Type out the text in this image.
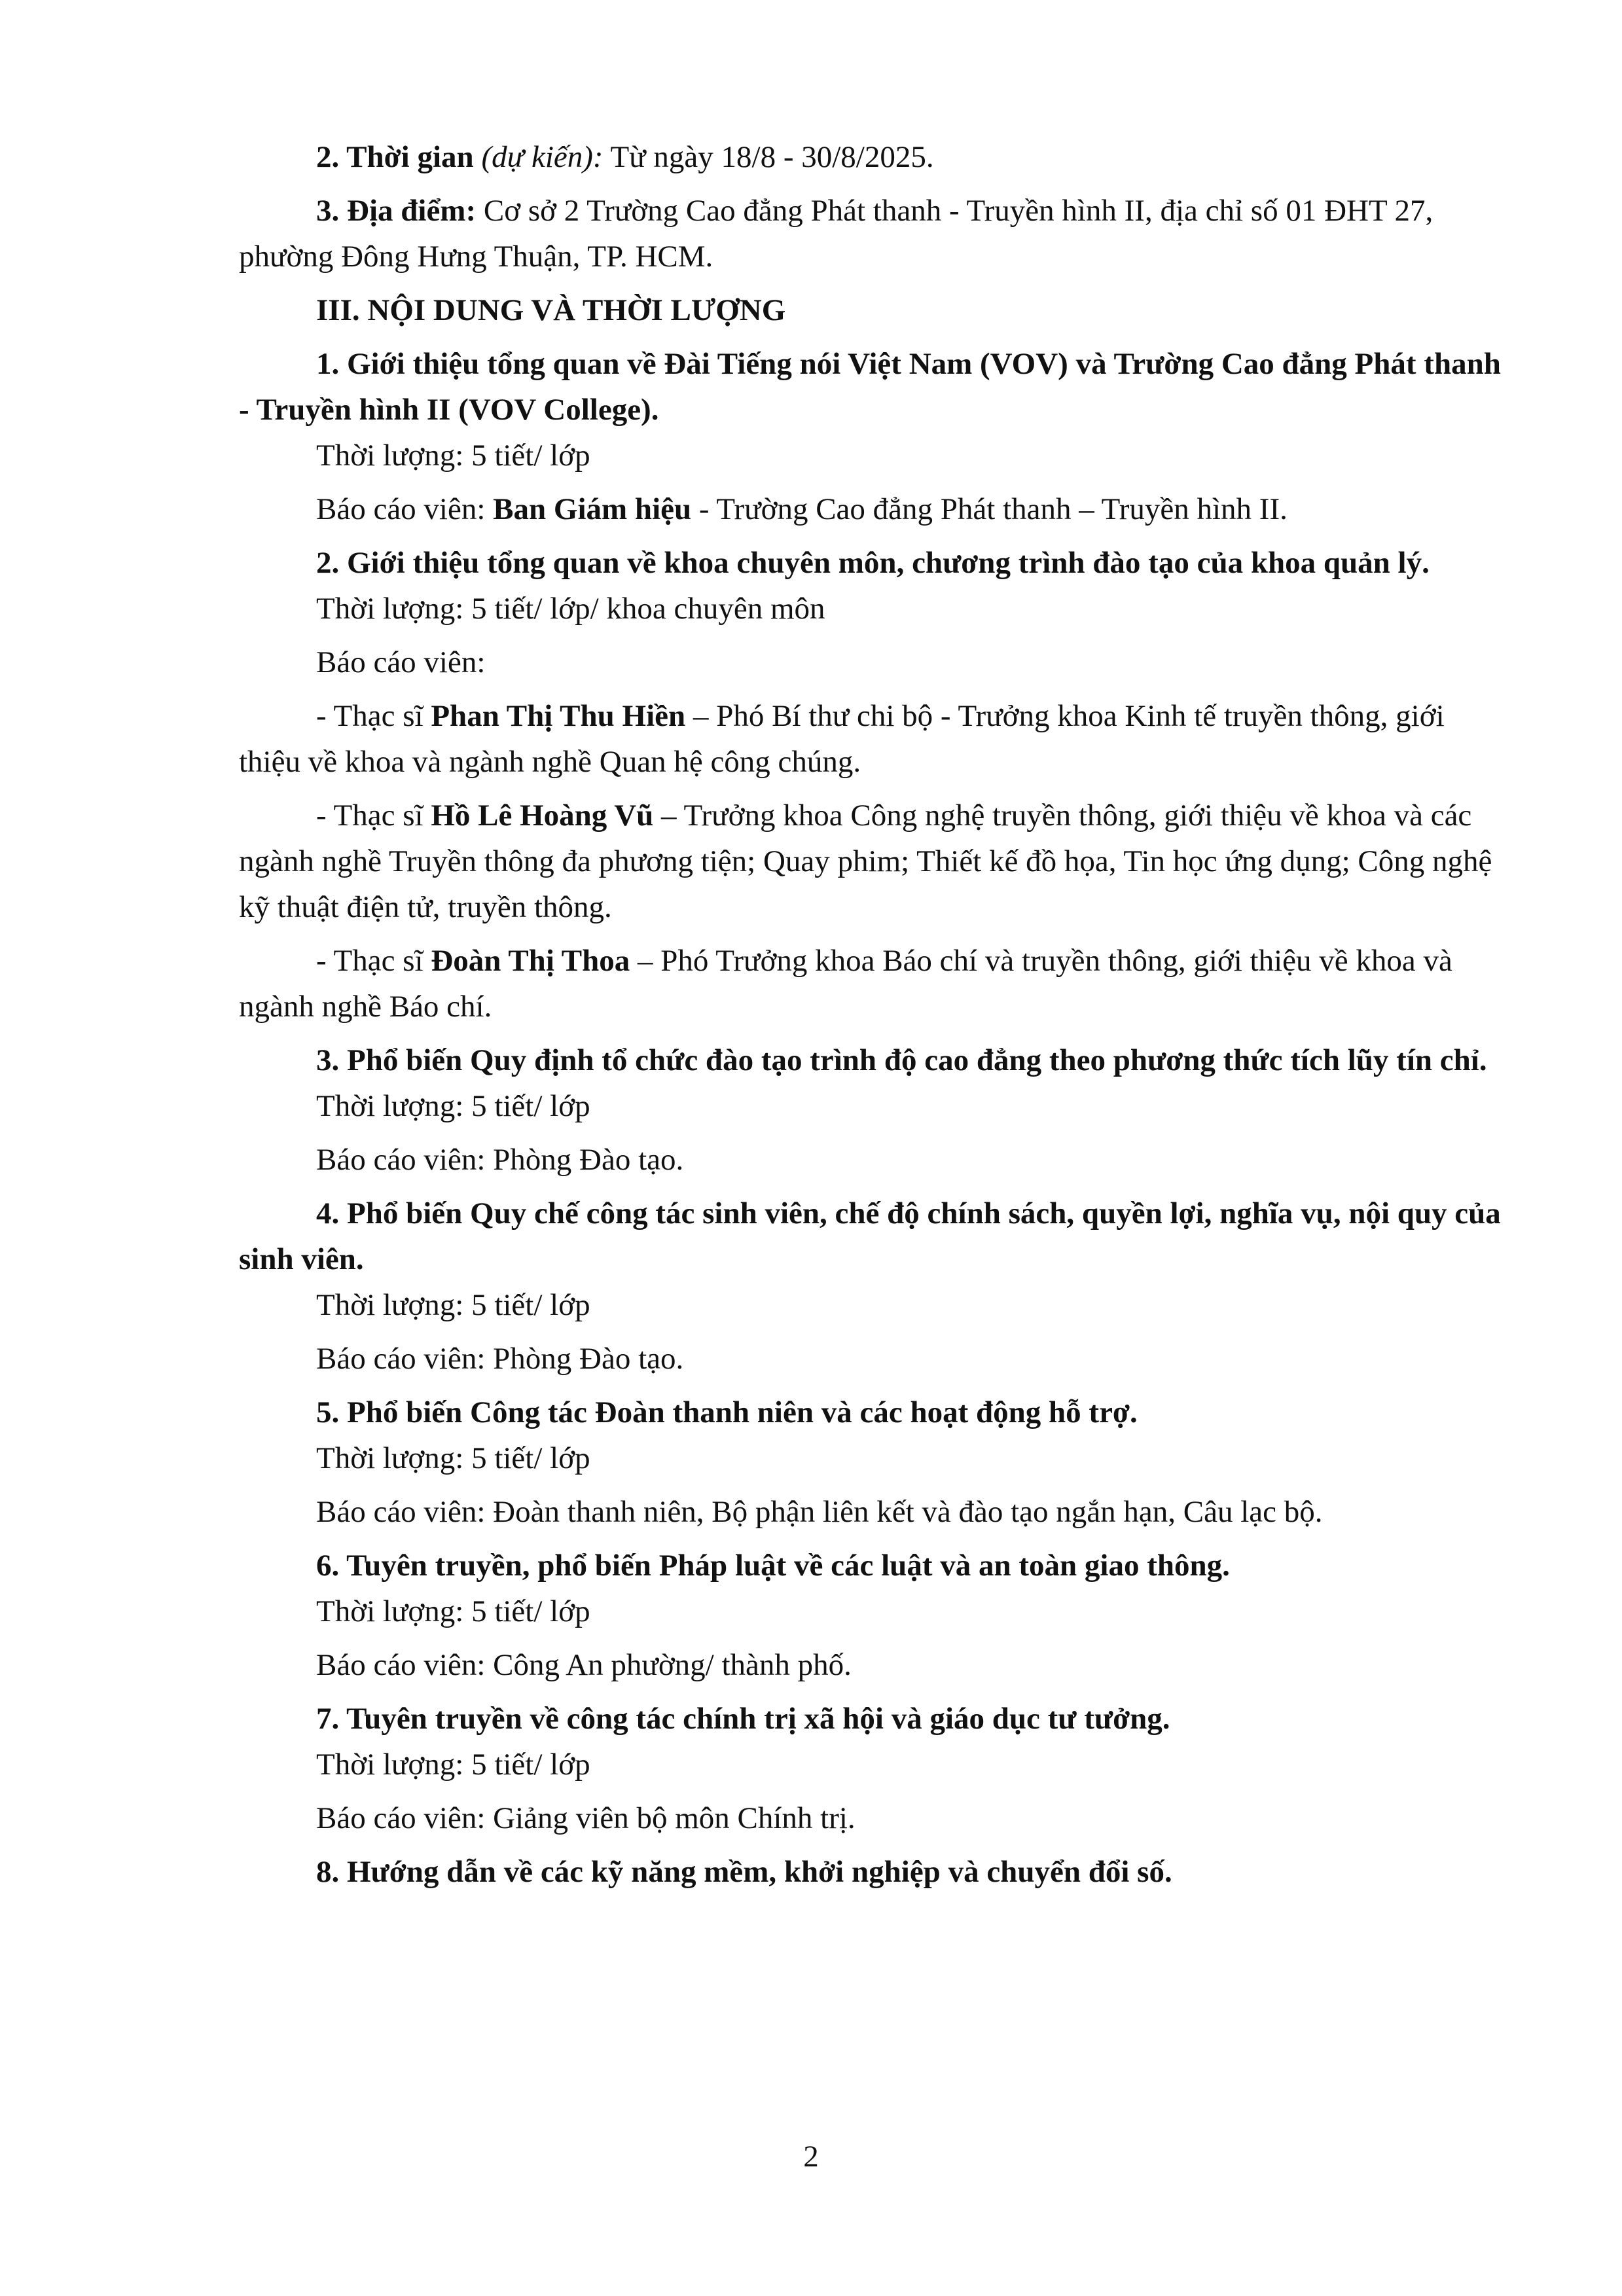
2. Thời gian (dự kiến): Từ ngày 18/8 - 30/8/2025.

3. Địa điểm: Cơ sở 2 Trường Cao đẳng Phát thanh - Truyền hình II, địa chỉ số 01 ĐHT 27, phường Đông Hưng Thuận, TP. HCM.

III. NỘI DUNG VÀ THỜI LƯỢNG

1. Giới thiệu tổng quan về Đài Tiếng nói Việt Nam (VOV) và Trường Cao đẳng Phát thanh - Truyền hình II (VOV College).

Thời lượng: 5 tiết/ lớp

Báo cáo viên: Ban Giám hiệu - Trường Cao đẳng Phát thanh – Truyền hình II.

2. Giới thiệu tổng quan về khoa chuyên môn, chương trình đào tạo của khoa quản lý.

Thời lượng: 5 tiết/ lớp/ khoa chuyên môn

Báo cáo viên:

- Thạc sĩ Phan Thị Thu Hiền – Phó Bí thư chi bộ - Trưởng khoa Kinh tế truyền thông, giới thiệu về khoa và ngành nghề Quan hệ công chúng.

- Thạc sĩ Hồ Lê Hoàng Vũ – Trưởng khoa Công nghệ truyền thông, giới thiệu về khoa và các ngành nghề Truyền thông đa phương tiện; Quay phim; Thiết kế đồ họa, Tin học ứng dụng; Công nghệ kỹ thuật điện tử, truyền thông.

- Thạc sĩ Đoàn Thị Thoa – Phó Trưởng khoa Báo chí và truyền thông, giới thiệu về khoa và ngành nghề Báo chí.

3. Phổ biến Quy định tổ chức đào tạo trình độ cao đẳng theo phương thức tích lũy tín chỉ.

Thời lượng: 5 tiết/ lớp

Báo cáo viên: Phòng Đào tạo.

4. Phổ biến Quy chế công tác sinh viên, chế độ chính sách, quyền lợi, nghĩa vụ, nội quy của sinh viên.

Thời lượng: 5 tiết/ lớp

Báo cáo viên: Phòng Đào tạo.

5. Phổ biến Công tác Đoàn thanh niên và các hoạt động hỗ trợ.

Thời lượng: 5 tiết/ lớp

Báo cáo viên: Đoàn thanh niên, Bộ phận liên kết và đào tạo ngắn hạn, Câu lạc bộ.

6. Tuyên truyền, phổ biến Pháp luật về các luật và an toàn giao thông.

Thời lượng: 5 tiết/ lớp

Báo cáo viên: Công An phường/ thành phố.

7. Tuyên truyền về công tác chính trị xã hội và giáo dục tư tưởng.

Thời lượng: 5 tiết/ lớp

Báo cáo viên: Giảng viên bộ môn Chính trị.

8. Hướng dẫn về các kỹ năng mềm, khởi nghiệp và chuyển đổi số.

2
